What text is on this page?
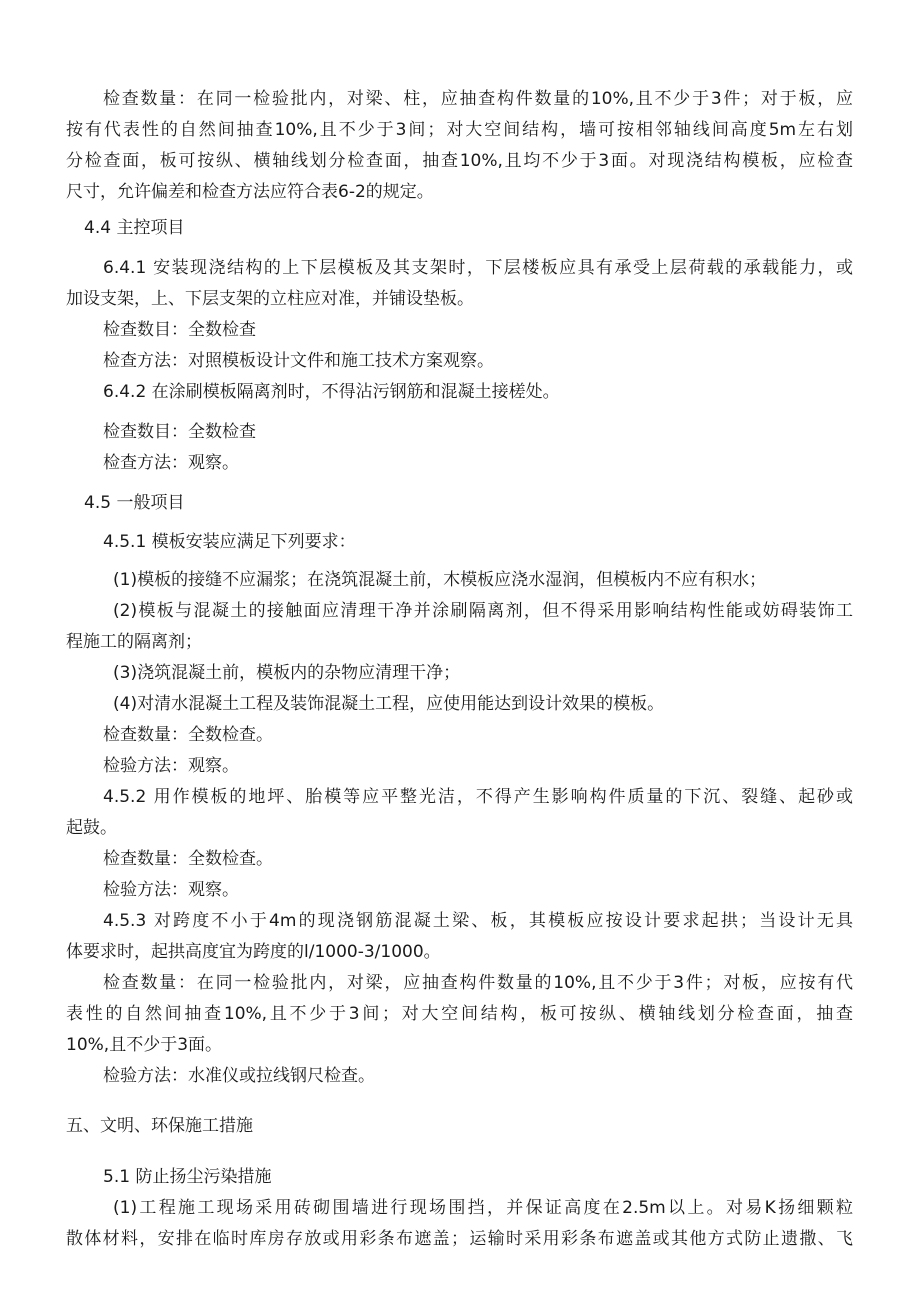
检查数量：在同一检验批内，对梁、柱，应抽查构件数量的10%,且不少于3件；对于板，应
按有代表性的自然间抽查10%,且不少于3间；对大空间结构，墙可按相邻轴线间高度5m左右划
分检查面，板可按纵、横轴线划分检查面，抽查10%,且均不少于3面。对现浇结构模板，应检查
尺寸，允许偏差和检查方法应符合表6-2的规定。
4.4 主控项目
6.4.1 安装现浇结构的上下层模板及其支架时，下层楼板应具有承受上层荷载的承载能力，或
加设支架，上、下层支架的立柱应对准，并铺设垫板。
检查数目：全数检查
检查方法：对照模板设计文件和施工技术方案观察。
6.4.2 在涂刷模板隔离剂时，不得沾污钢筋和混凝土接槎处。
检查数目：全数检查
检查方法：观察。
4.5 一般项目
4.5.1 模板安装应满足下列要求：
(1)模板的接缝不应漏浆；在浇筑混凝土前，木模板应浇水湿润，但模板内不应有积水；
(2)模板与混凝土的接触面应清理干净并涂刷隔离剂，但不得采用影响结构性能或妨碍装饰工
程施工的隔离剂；
(3)浇筑混凝土前，模板内的杂物应清理干净；
(4)对清水混凝土工程及装饰混凝土工程，应使用能达到设计效果的模板。
检查数量：全数检查。
检验方法：观察。
4.5.2 用作模板的地坪、胎模等应平整光洁，不得产生影响构件质量的下沉、裂缝、起砂或
起鼓。
检查数量：全数检查。
检验方法：观察。
4.5.3 对跨度不小于4m的现浇钢筋混凝土梁、板，其模板应按设计要求起拱；当设计无具
体要求时，起拱高度宜为跨度的l/1000-3/1000。
检查数量：在同一检验批内，对梁，应抽查构件数量的10%,且不少于3件；对板，应按有代
表性的自然间抽查10%,且不少于3间；对大空间结构，板可按纵、横轴线划分检查面，抽查
10%,且不少于3面。
检验方法：水准仪或拉线钢尺检查。
五、文明、环保施工措施
5.1 防止扬尘污染措施
(1)工程施工现场采用砖砌围墙进行现场围挡，并保证高度在2.5m以上。对易K扬细颗粒
散体材料，安排在临时库房存放或用彩条布遮盖；运输时采用彩条布遮盖或其他方式防止遗撒、飞
